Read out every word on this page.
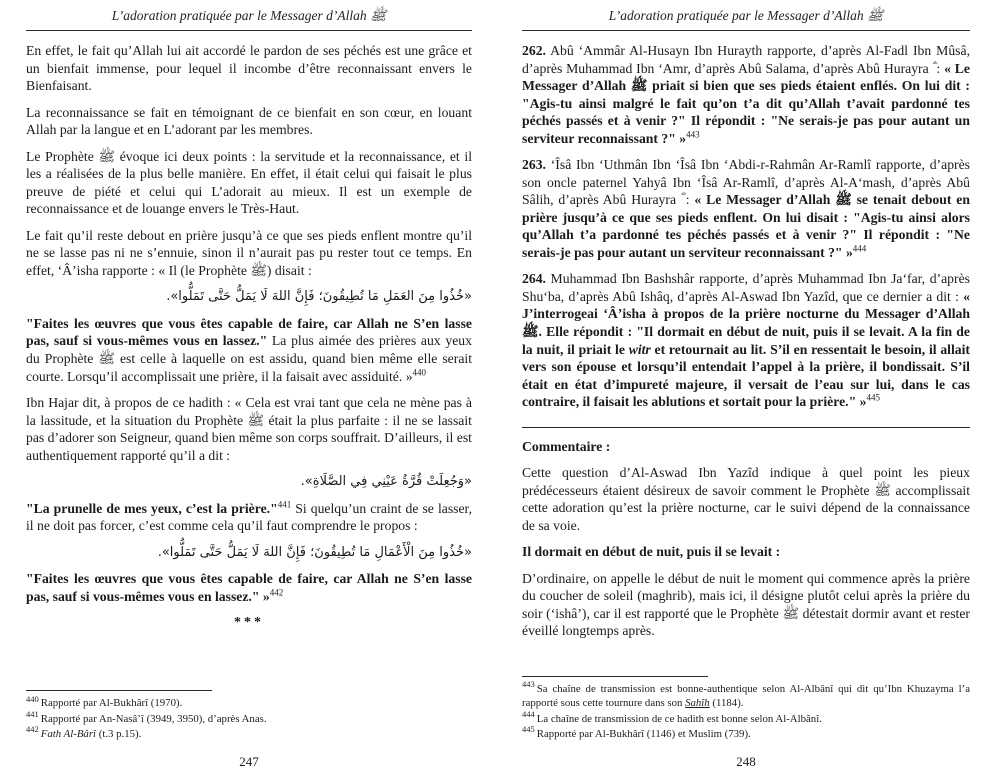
L’adoration pratiquée par le Messager d’Allah ﷺ

En effet, le fait qu’Allah lui ait accordé le pardon de ses péchés est une grâce et un bienfait immense, pour lequel il incombe d’être reconnaissant envers le Bienfaisant.

La reconnaissance se fait en témoignant de ce bienfait en son cœur, en louant Allah par la langue et en L’adorant par les membres.

Le Prophète ﷺ évoque ici deux points : la servitude et la reconnaissance, et il les a réalisées de la plus belle manière. En effet, il était celui qui faisait le plus preuve de piété et celui qui L’adorait au mieux. Il est un exemple de reconnaissance et de louange envers le Très-Haut.

Le fait qu’il reste debout en prière jusqu’à ce que ses pieds enflent montre qu’il ne se lasse pas ni ne s’ennuie, sinon il n’aurait pas pu rester tout ce temps. En effet, ‘Â’isha rapporte : « Il (le Prophète ﷺ) disait :

«خُذُوا مِنَ العَمَلِ مَا تُطِيقُونَ؛ فَإِنَّ اللهَ لَا يَمَلُّ حَتَّى تَمَلُّوا».

"Faites les œuvres que vous êtes capable de faire, car Allah ne S’en lasse pas, sauf si vous-mêmes vous en lassez." La plus aimée des prières aux yeux du Prophète ﷺ est celle à laquelle on est assidu, quand bien même elle serait courte. Lorsqu’il accomplissait une prière, il la faisait avec assiduité. »$^{440}$

Ibn Hajar dit, à propos de ce hadith : « Cela est vrai tant que cela ne mène pas à la lassitude, et la situation du Prophète ﷺ était la plus parfaite : il ne se lassait pas d’adorer son Seigneur, quand bien même son corps souffrait. D’ailleurs, il est authentiquement rapporté qu’il a dit :

«وَجُعِلَتْ قُرَّةُ عَيْنِي فِي الصَّلَاةِ».

"La prunelle de mes yeux, c’est la prière."$^{441}$ Si quelqu’un craint de se lasser, il ne doit pas forcer, c’est comme cela qu’il faut comprendre le propos :

«خُذُوا مِنَ الْأَعْمَالِ مَا تُطِيقُونَ؛ فَإِنَّ اللهَ لَا يَمَلُّ حَتَّى تَمَلُّوا».

"Faites les œuvres que vous êtes capable de faire, car Allah ne S’en lasse pas, sauf si vous-mêmes vous en lassez." »$^{442}$

***
$^{440}$ Rapporté par Al-Bukhârî (1970).
$^{441}$ Rapporté par An-Nasâ’î (3949, 3950), d’après Anas.
$^{442}$ Fath Al-Bârî (t.3 p.15).
247
L’adoration pratiquée par le Messager d’Allah ﷺ

262. Abû ‘Ammâr Al-Husayn Ibn Hurayth rapporte, d’après Al-Fadl Ibn Mûsâ, d’après Muhammad Ibn ‘Amr, d’après Abû Salama, d’après Abû Hurayra ؓ : « Le Messager d’Allah ﷺ priait si bien que ses pieds étaient enflés. On lui dit : "Agis-tu ainsi malgré le fait qu’on t’a dit qu’Allah t’avait pardonné tes péchés passés et à venir ?" Il répondit : "Ne serais-je pas pour autant un serviteur reconnaissant ?" »$^{443}$

263. ‘Îsâ Ibn ‘Uthmân Ibn ‘Îsâ Ibn ‘Abdi-r-Rahmân Ar-Ramlî rapporte, d’après son oncle paternel Yahyâ Ibn ‘Îsâ Ar-Ramlî, d’après Al-A‘mash, d’après Abû Sâlih, d’après Abû Hurayra ؓ : « Le Messager d’Allah ﷺ se tenait debout en prière jusqu’à ce que ses pieds enflent. On lui disait : "Agis-tu ainsi alors qu’Allah t’a pardonné tes péchés passés et à venir ?" Il répondit : "Ne serais-je pas pour autant un serviteur reconnaissant ?" »$^{444}$

264. Muhammad Ibn Bashshâr rapporte, d’après Muhammad Ibn Ja‘far, d’après Shu‘ba, d’après Abû Ishâq, d’après Al-Aswad Ibn Yazîd, que ce dernier a dit : « J’interrogeai ‘Â’isha à propos de la prière nocturne du Messager d’Allah ﷺ. Elle répondit : "Il dormait en début de nuit, puis il se levait. A la fin de la nuit, il priait le witr et retournait au lit. S’il en ressentait le besoin, il allait vers son épouse et lorsqu’il entendait l’appel à la prière, il bondissait. S’il était en état d’impureté majeure, il versait de l’eau sur lui, dans le cas contraire, il faisait les ablutions et sortait pour la prière." »$^{445}$

Commentaire :

Cette question d’Al-Aswad Ibn Yazîd indique à quel point les pieux prédécesseurs étaient désireux de savoir comment le Prophète ﷺ accomplissait cette adoration qu’est la prière nocturne, car le suivi dépend de la connaissance de sa voie.

Il dormait en début de nuit, puis il se levait :

D’ordinaire, on appelle le début de nuit le moment qui commence après la prière du coucher de soleil (maghrib), mais ici, il désigne plutôt celui après la prière du soir (‘ishâ’), car il est rapporté que le Prophète ﷺ détestait dormir avant et rester éveillé longtemps après.

$^{443}$ Sa chaîne de transmission est bonne-authentique selon Al-Albânî qui dit qu’Ibn Khuzayma l’a rapporté sous cette tournure dans son Sahîh (1184).
$^{444}$ La chaîne de transmission de ce hadith est bonne selon Al-Albânî.
$^{445}$ Rapporté par Al-Bukhârî (1146) et Muslim (739).
248
